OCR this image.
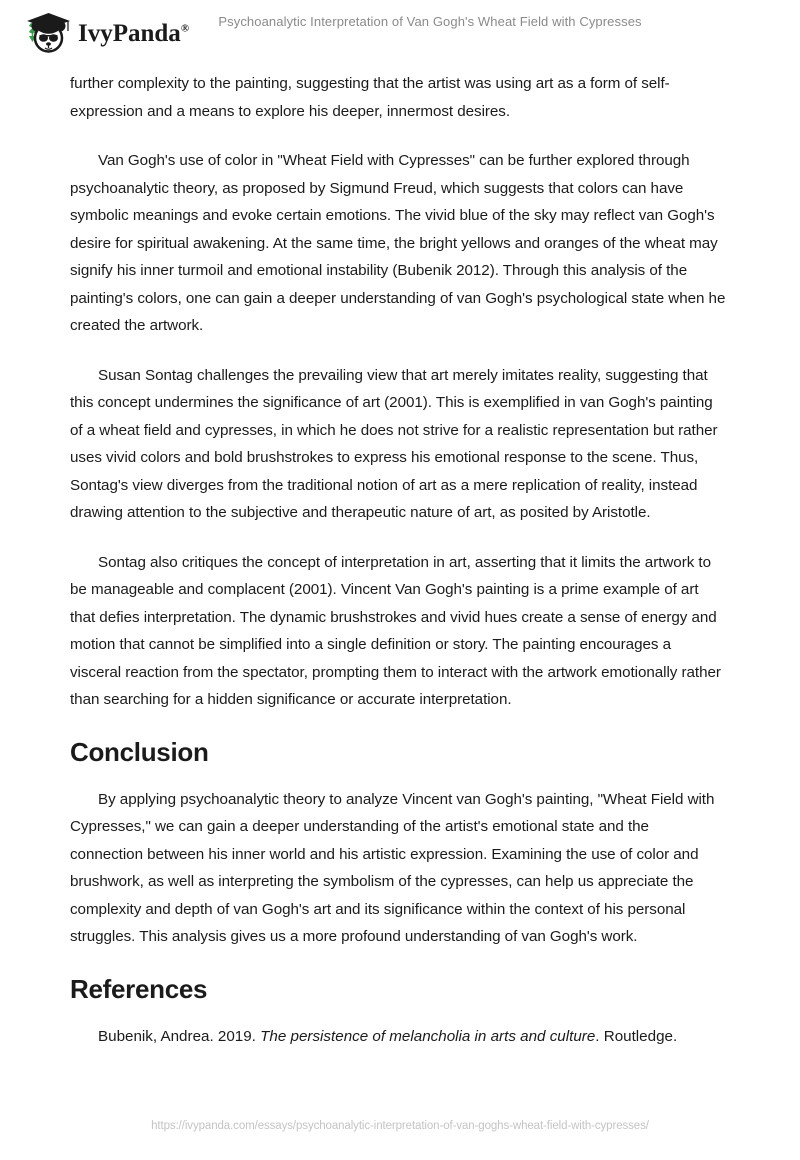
IvyPanda®	Psychoanalytic Interpretation of Van Gogh's Wheat Field with Cypresses

further complexity to the painting, suggesting that the artist was using art as a form of self-expression and a means to explore his deeper, innermost desires.

Van Gogh's use of color in "Wheat Field with Cypresses" can be further explored through psychoanalytic theory, as proposed by Sigmund Freud, which suggests that colors can have symbolic meanings and evoke certain emotions. The vivid blue of the sky may reflect van Gogh's desire for spiritual awakening. At the same time, the bright yellows and oranges of the wheat may signify his inner turmoil and emotional instability (Bubenik 2012). Through this analysis of the painting's colors, one can gain a deeper understanding of van Gogh's psychological state when he created the artwork.

Susan Sontag challenges the prevailing view that art merely imitates reality, suggesting that this concept undermines the significance of art (2001). This is exemplified in van Gogh's painting of a wheat field and cypresses, in which he does not strive for a realistic representation but rather uses vivid colors and bold brushstrokes to express his emotional response to the scene. Thus, Sontag's view diverges from the traditional notion of art as a mere replication of reality, instead drawing attention to the subjective and therapeutic nature of art, as posited by Aristotle.

Sontag also critiques the concept of interpretation in art, asserting that it limits the artwork to be manageable and complacent (2001). Vincent Van Gogh's painting is a prime example of art that defies interpretation. The dynamic brushstrokes and vivid hues create a sense of energy and motion that cannot be simplified into a single definition or story. The painting encourages a visceral reaction from the spectator, prompting them to interact with the artwork emotionally rather than searching for a hidden significance or accurate interpretation.

Conclusion

By applying psychoanalytic theory to analyze Vincent van Gogh's painting, "Wheat Field with Cypresses," we can gain a deeper understanding of the artist's emotional state and the connection between his inner world and his artistic expression. Examining the use of color and brushwork, as well as interpreting the symbolism of the cypresses, can help us appreciate the complexity and depth of van Gogh's art and its significance within the context of his personal struggles. This analysis gives us a more profound understanding of van Gogh's work.

References

Bubenik, Andrea. 2019. The persistence of melancholia in arts and culture. Routledge.

https://ivypanda.com/essays/psychoanalytic-interpretation-of-van-goghs-wheat-field-with-cypresses/
